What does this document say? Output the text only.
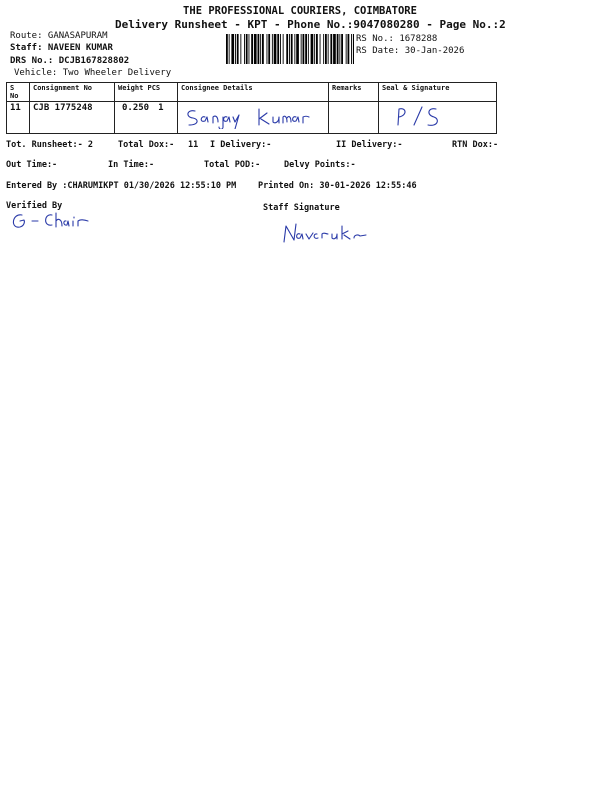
THE PROFESSIONAL COURIERS, COIMBATORE
Delivery Runsheet - KPT - Phone No.:9047080280 - Page No.:2
Route: GANASAPURAM
Staff: NAVEEN KUMAR
DRS No.: DCJB167828802
Vehicle: Two Wheeler Delivery
RS No.: 1678288
RS Date: 30-Jan-2026
S No	Consignment No	Weight PCS	Consignee Details	Remarks	Seal & Signature
11	CJB 1775248	0.250 1			
Tot. Runsheet:- 2	Total Dox:- 11 I Delivery:-	II Delivery:-	RTN Dox:-
Out Time:-	In Time:-	Total POD:-	Delvy Points:-
Entered By :CHARUMIKPT 01/30/2026 12:55:10 PM	Printed On: 30-01-2026 12:55:46
Verified By	Staff Signature
